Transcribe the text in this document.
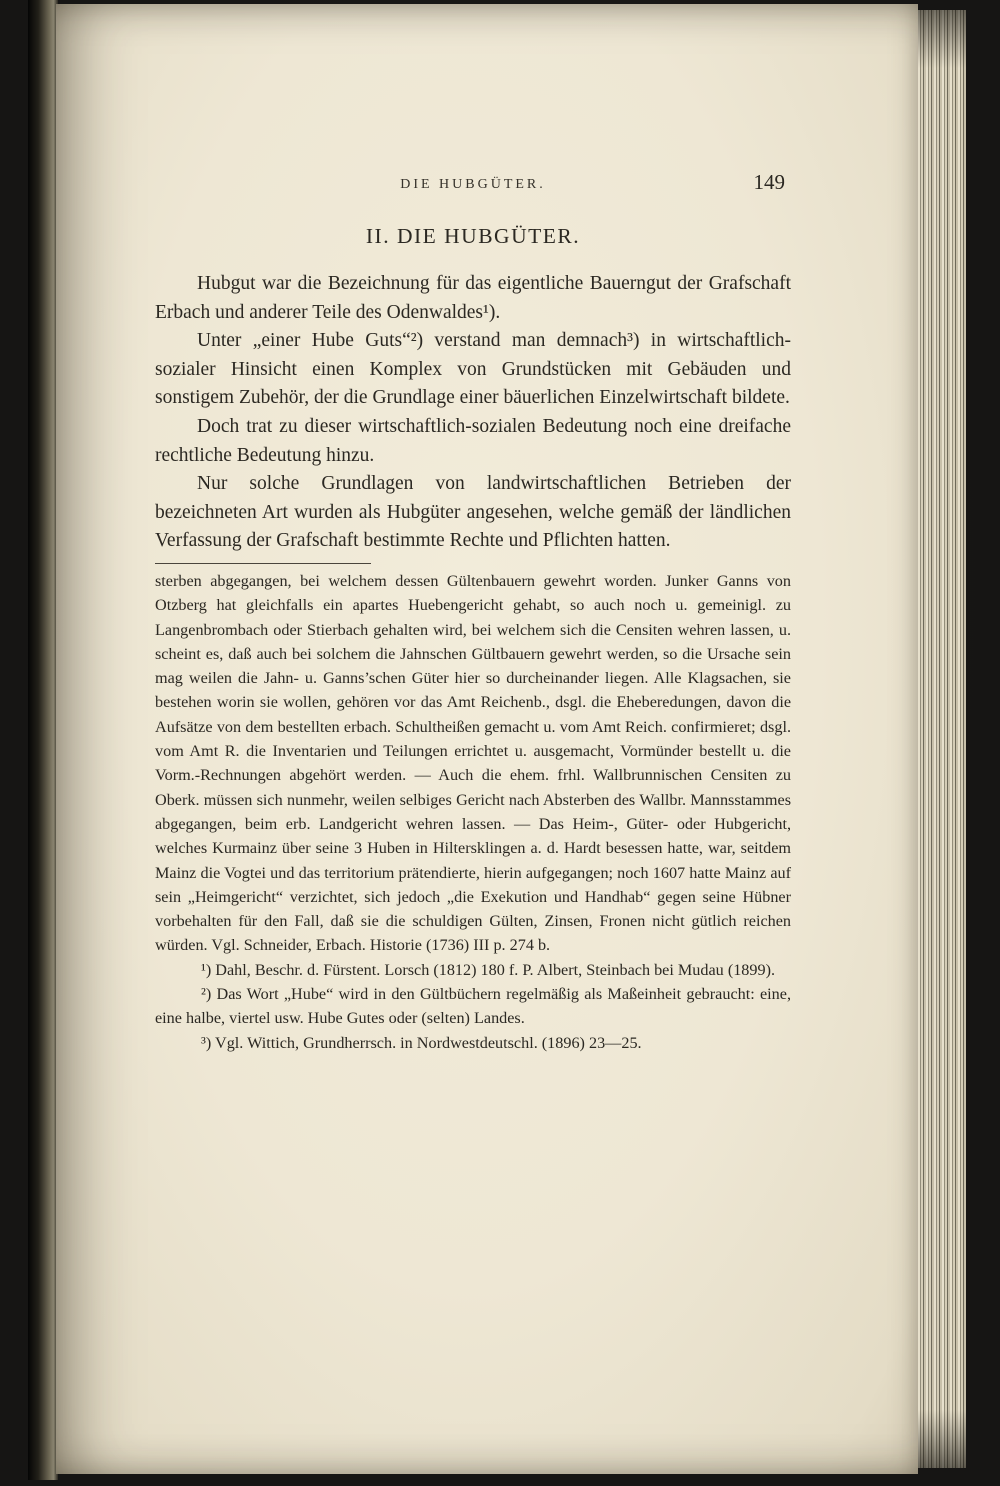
DIE HUBGÜTER.	149
II. DIE HUBGÜTER.

Hubgut war die Bezeichnung für das eigentliche Bauerngut der Grafschaft Erbach und anderer Teile des Odenwaldes¹).

Unter „einer Hube Guts“²) verstand man demnach³) in wirtschaftlich-sozialer Hinsicht einen Komplex von Grundstücken mit Gebäuden und sonstigem Zubehör, der die Grundlage einer bäuerlichen Einzelwirtschaft bildete.

Doch trat zu dieser wirtschaftlich-sozialen Bedeutung noch eine dreifache rechtliche Bedeutung hinzu.

Nur solche Grundlagen von landwirtschaftlichen Betrieben der bezeichneten Art wurden als Hubgüter angesehen, welche gemäß der ländlichen Verfassung der Grafschaft bestimmte Rechte und Pflichten hatten.

sterben abgegangen, bei welchem dessen Gültenbauern gewehrt worden. Junker Ganns von Otzberg hat gleichfalls ein apartes Huebengericht gehabt, so auch noch u. gemeinigl. zu Langenbrombach oder Stierbach gehalten wird, bei welchem sich die Censiten wehren lassen, u. scheint es, daß auch bei solchem die Jahnschen Gültbauern gewehrt werden, so die Ursache sein mag weilen die Jahn- u. Ganns’schen Güter hier so durcheinander liegen. Alle Klagsachen, sie bestehen worin sie wollen, gehören vor das Amt Reichenb., dsgl. die Eheberedungen, davon die Aufsätze von dem bestellten erbach. Schultheißen gemacht u. vom Amt Reich. confirmieret; dsgl. vom Amt R. die Inventarien und Teilungen errichtet u. ausgemacht, Vormünder bestellt u. die Vorm.-Rechnungen abgehört werden. — Auch die ehem. frhl. Wallbrunnischen Censiten zu Oberk. müssen sich nunmehr, weilen selbiges Gericht nach Absterben des Wallbr. Mannsstammes abgegangen, beim erb. Landgericht wehren lassen. — Das Heim-, Güter- oder Hubgericht, welches Kurmainz über seine 3 Huben in Hiltersklingen a. d. Hardt besessen hatte, war, seitdem Mainz die Vogtei und das territorium prätendierte, hierin aufgegangen; noch 1607 hatte Mainz auf sein „Heimgericht“ verzichtet, sich jedoch „die Exekution und Handhab“ gegen seine Hübner vorbehalten für den Fall, daß sie die schuldigen Gülten, Zinsen, Fronen nicht gütlich reichen würden. Vgl. Schneider, Erbach. Historie (1736) III p. 274 b.

¹) Dahl, Beschr. d. Fürstent. Lorsch (1812) 180 f. P. Albert, Steinbach bei Mudau (1899).

²) Das Wort „Hube“ wird in den Gültbüchern regelmäßig als Maßeinheit gebraucht: eine, eine halbe, viertel usw. Hube Gutes oder (selten) Landes.

³) Vgl. Wittich, Grundherrsch. in Nordwestdeutschl. (1896) 23—25.
